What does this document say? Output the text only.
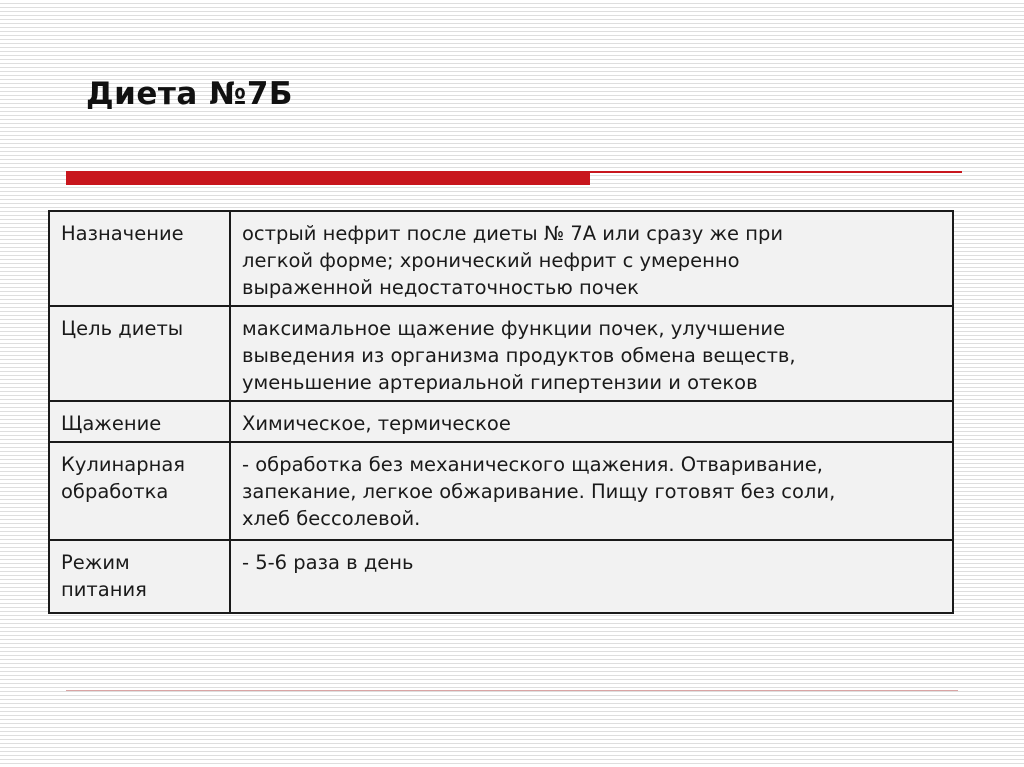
Диета №7Б
Назначение	острый нефрит после диеты № 7А или сразу же при
легкой форме; хронический нефрит с умеренно
выраженной недостаточностью почек
Цель диеты	максимальное щажение функции почек, улучшение
выведения из организма продуктов обмена веществ,
уменьшение артериальной гипертензии и отеков
Щажение	Химическое, термическое
Кулинарная
обработка	- обработка без механического щажения. Отваривание,
запекание, легкое обжаривание. Пищу готовят без соли,
хлеб бессолевой.
Режим
питания	- 5-6 раза в день
